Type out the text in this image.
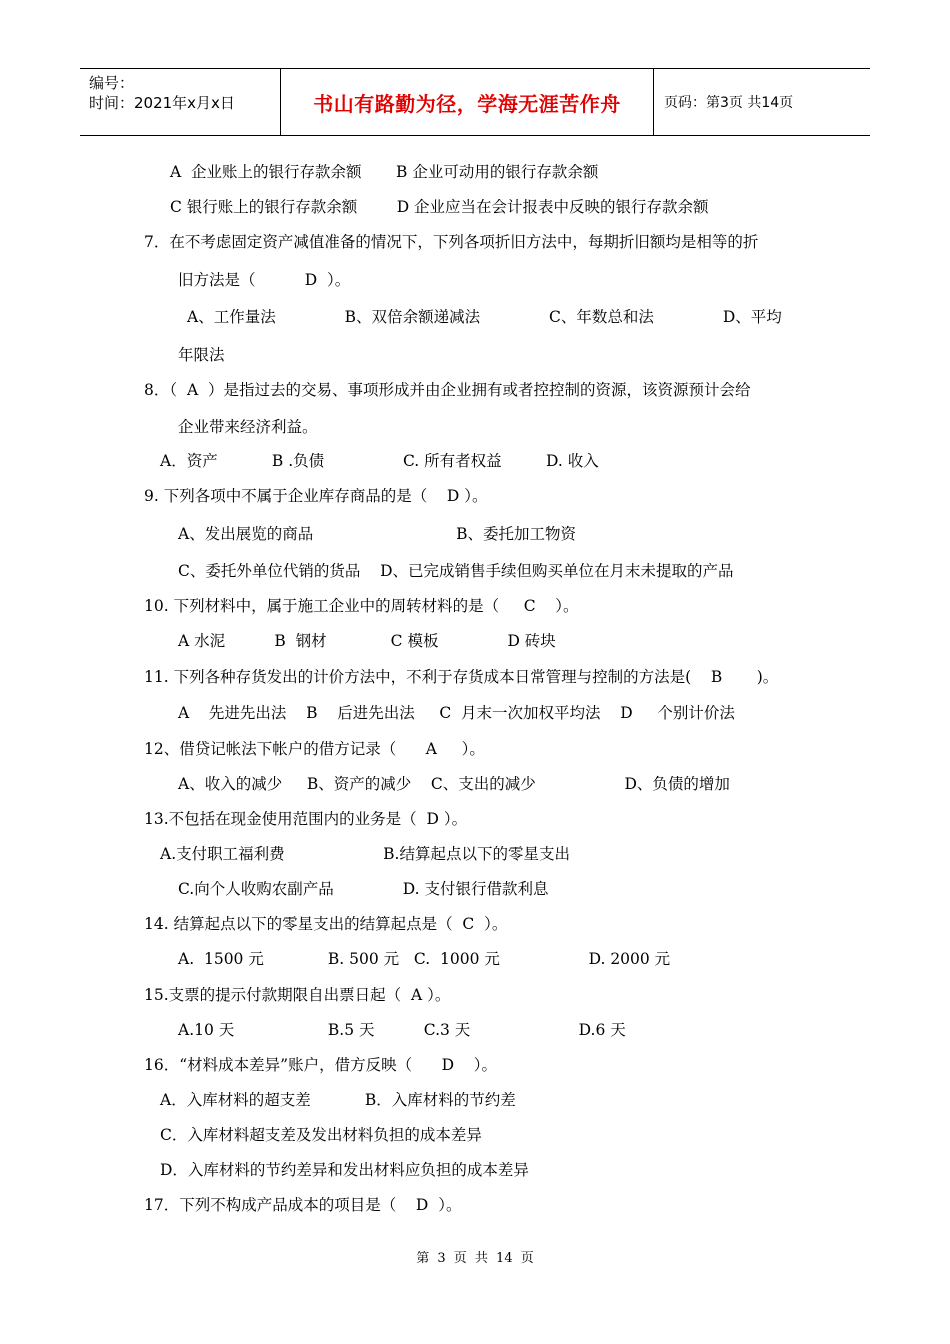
编号：
时间：2021年x月x日	书山有路勤为径，学海无涯苦作舟	页码：第3页 共14页
A  企业账上的银行存款余额       B 企业可动用的银行存款余额
C 银行账上的银行存款余额        D 企业应当在会计报表中反映的银行存款余额
7．在不考虑固定资产减值准备的情况下，下列各项折旧方法中，每期折旧额均是相等的折
旧方法是（          D  ）。
A、工作量法              B、双倍余额递减法              C、年数总和法              D、平均
年限法
8．（  A  ）是指过去的交易、事项形成并由企业拥有或者控控制的资源，该资源预计会给
企业带来经济利益。
A．资产           B .负债                C. 所有者权益         D. 收入
9. 下列各项中不属于企业库存商品的是（    D ）。
A、发出展览的商品                             B、委托加工物资
C、委托外单位代销的货品    D、已完成销售手续但购买单位在月末未提取的产品
10. 下列材料中，属于施工企业中的周转材料的是（     C    ）。
A 水泥          B  钢材             C 模板              D 砖块
11. 下列各种存货发出的计价方法中，不利于存货成本日常管理与控制的方法是(    B       )。
A    先进先出法    B    后进先出法     C  月末一次加权平均法    D     个别计价法
12、借贷记帐法下帐户的借方记录（      A     ）。
A、收入的减少     B、资产的减少    C、支出的减少                  D、负债的增加
13.不包括在现金使用范围内的业务是（  D ）。
A.支付职工福利费                    B.结算起点以下的零星支出
C.向个人收购农副产品              D. 支付银行借款利息
14. 结算起点以下的零星支出的结算起点是（  C  ）。
A.  1500 元             B. 500 元   C.  1000 元                  D. 2000 元
15.支票的提示付款期限自出票日起（  A ）。
A.10 天                   B.5 天          C.3 天                      D.6 天
16．“材料成本差异”账户，借方反映（      D    ）。
A．入库材料的超支差           B．入库材料的节约差
C．入库材料超支差及发出材料负担的成本差异
D．入库材料的节约差异和发出材料应负担的成本差异
17．下列不构成产品成本的项目是（    D  ）。
第 3 页 共 14 页
